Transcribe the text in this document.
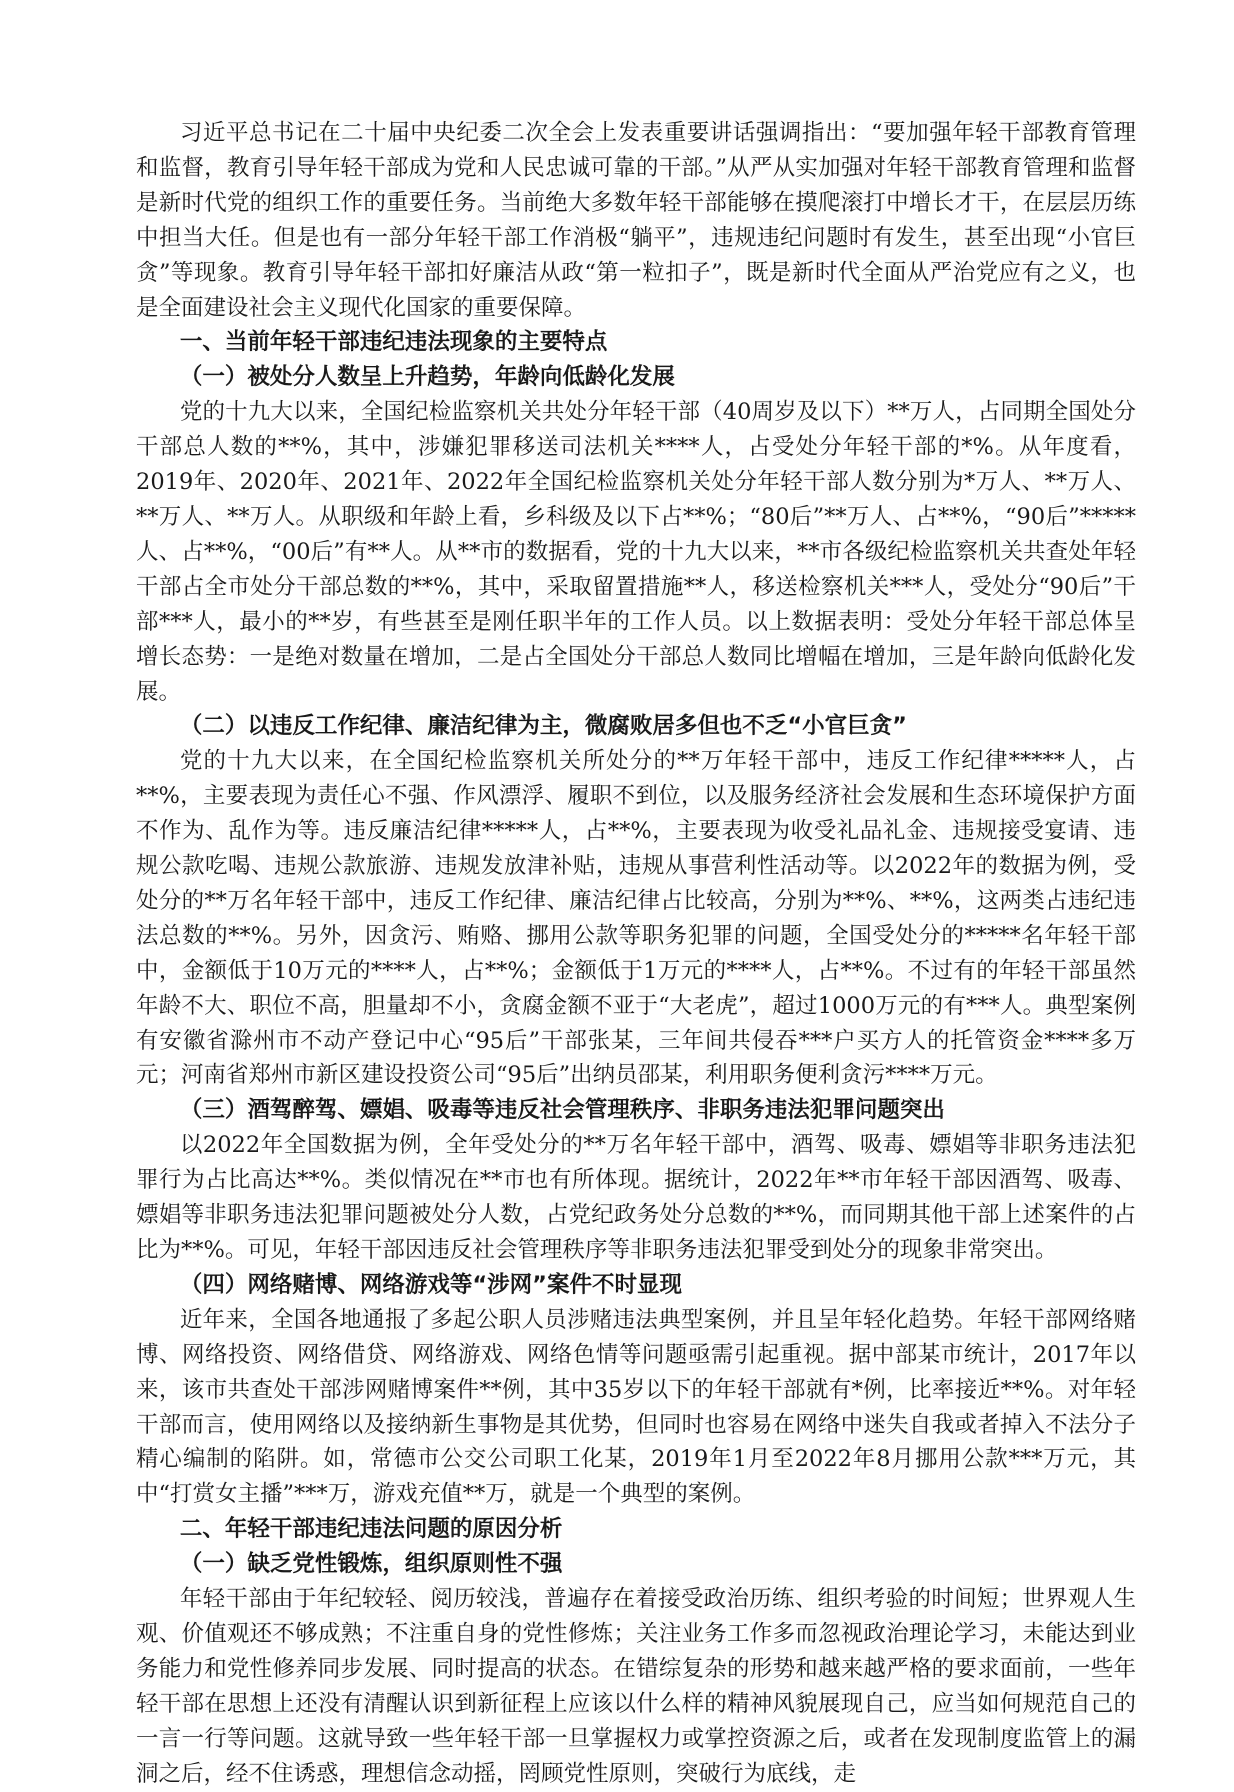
习近平总书记在二十届中央纪委二次全会上发表重要讲话强调指出：“要加强年轻干部教育管理和监督，教育引导年轻干部成为党和人民忠诚可靠的干部。”从严从实加强对年轻干部教育管理和监督是新时代党的组织工作的重要任务。当前绝大多数年轻干部能够在摸爬滚打中增长才干，在层层历练中担当大任。但是也有一部分年轻干部工作消极“躺平”，违规违纪问题时有发生，甚至出现“小官巨贪”等现象。教育引导年轻干部扣好廉洁从政“第一粒扣子”，既是新时代全面从严治党应有之义，也是全面建设社会主义现代化国家的重要保障。

一、当前年轻干部违纪违法现象的主要特点

（一）被处分人数呈上升趋势，年龄向低龄化发展

党的十九大以来，全国纪检监察机关共处分年轻干部（40周岁及以下）**万人，占同期全国处分干部总人数的**%，其中，涉嫌犯罪移送司法机关****人，占受处分年轻干部的*%。从年度看，2019年、2020年、2021年、2022年全国纪检监察机关处分年轻干部人数分别为*万人、**万人、**万人、**万人。从职级和年龄上看，乡科级及以下占**%；“80后”**万人、占**%，“90后”*****人、占**%，“00后”有**人。从**市的数据看，党的十九大以来，**市各级纪检监察机关共查处年轻干部占全市处分干部总数的**%，其中，采取留置措施**人，移送检察机关***人，受处分“90后”干部***人，最小的**岁，有些甚至是刚任职半年的工作人员。以上数据表明：受处分年轻干部总体呈增长态势：一是绝对数量在增加，二是占全国处分干部总人数同比增幅在增加，三是年龄向低龄化发展。

（二）以违反工作纪律、廉洁纪律为主，微腐败居多但也不乏“小官巨贪”

党的十九大以来，在全国纪检监察机关所处分的**万年轻干部中，违反工作纪律*****人，占**%，主要表现为责任心不强、作风漂浮、履职不到位，以及服务经济社会发展和生态环境保护方面不作为、乱作为等。违反廉洁纪律*****人，占**%，主要表现为收受礼品礼金、违规接受宴请、违规公款吃喝、违规公款旅游、违规发放津补贴，违规从事营利性活动等。以2022年的数据为例，受处分的**万名年轻干部中，违反工作纪律、廉洁纪律占比较高，分别为**%、**%，这两类占违纪违法总数的**%。另外，因贪污、贿赂、挪用公款等职务犯罪的问题，全国受处分的*****名年轻干部中，金额低于10万元的****人，占**%；金额低于1万元的****人，占**%。不过有的年轻干部虽然年龄不大、职位不高，胆量却不小，贪腐金额不亚于“大老虎”，超过1000万元的有***人。典型案例有安徽省滁州市不动产登记中心“95后”干部张某，三年间共侵吞***户买方人的托管资金****多万元；河南省郑州市新区建设投资公司“95后”出纳员邵某，利用职务便利贪污****万元。

（三）酒驾醉驾、嫖娼、吸毒等违反社会管理秩序、非职务违法犯罪问题突出

以2022年全国数据为例，全年受处分的**万名年轻干部中，酒驾、吸毒、嫖娼等非职务违法犯罪行为占比高达**%。类似情况在**市也有所体现。据统计，2022年**市年轻干部因酒驾、吸毒、嫖娼等非职务违法犯罪问题被处分人数，占党纪政务处分总数的**%，而同期其他干部上述案件的占比为**%。可见，年轻干部因违反社会管理秩序等非职务违法犯罪受到处分的现象非常突出。

（四）网络赌博、网络游戏等“涉网”案件不时显现

近年来，全国各地通报了多起公职人员涉赌违法典型案例，并且呈年轻化趋势。年轻干部网络赌博、网络投资、网络借贷、网络游戏、网络色情等问题亟需引起重视。据中部某市统计，2017年以来，该市共查处干部涉网赌博案件**例，其中35岁以下的年轻干部就有*例，比率接近**%。对年轻干部而言，使用网络以及接纳新生事物是其优势，但同时也容易在网络中迷失自我或者掉入不法分子精心编制的陷阱。如，常德市公交公司职工化某，2019年1月至2022年8月挪用公款***万元，其中“打赏女主播”***万，游戏充值**万，就是一个典型的案例。

二、年轻干部违纪违法问题的原因分析

（一）缺乏党性锻炼，组织原则性不强

年轻干部由于年纪较轻、阅历较浅，普遍存在着接受政治历练、组织考验的时间短；世界观人生观、价值观还不够成熟；不注重自身的党性修炼；关注业务工作多而忽视政治理论学习，未能达到业务能力和党性修养同步发展、同时提高的状态。在错综复杂的形势和越来越严格的要求面前，一些年轻干部在思想上还没有清醒认识到新征程上应该以什么样的精神风貌展现自己，应当如何规范自己的一言一行等问题。这就导致一些年轻干部一旦掌握权力或掌控资源之后，或者在发现制度监管上的漏洞之后，经不住诱惑，理想信念动摇，罔顾党性原则，突破行为底线，走
